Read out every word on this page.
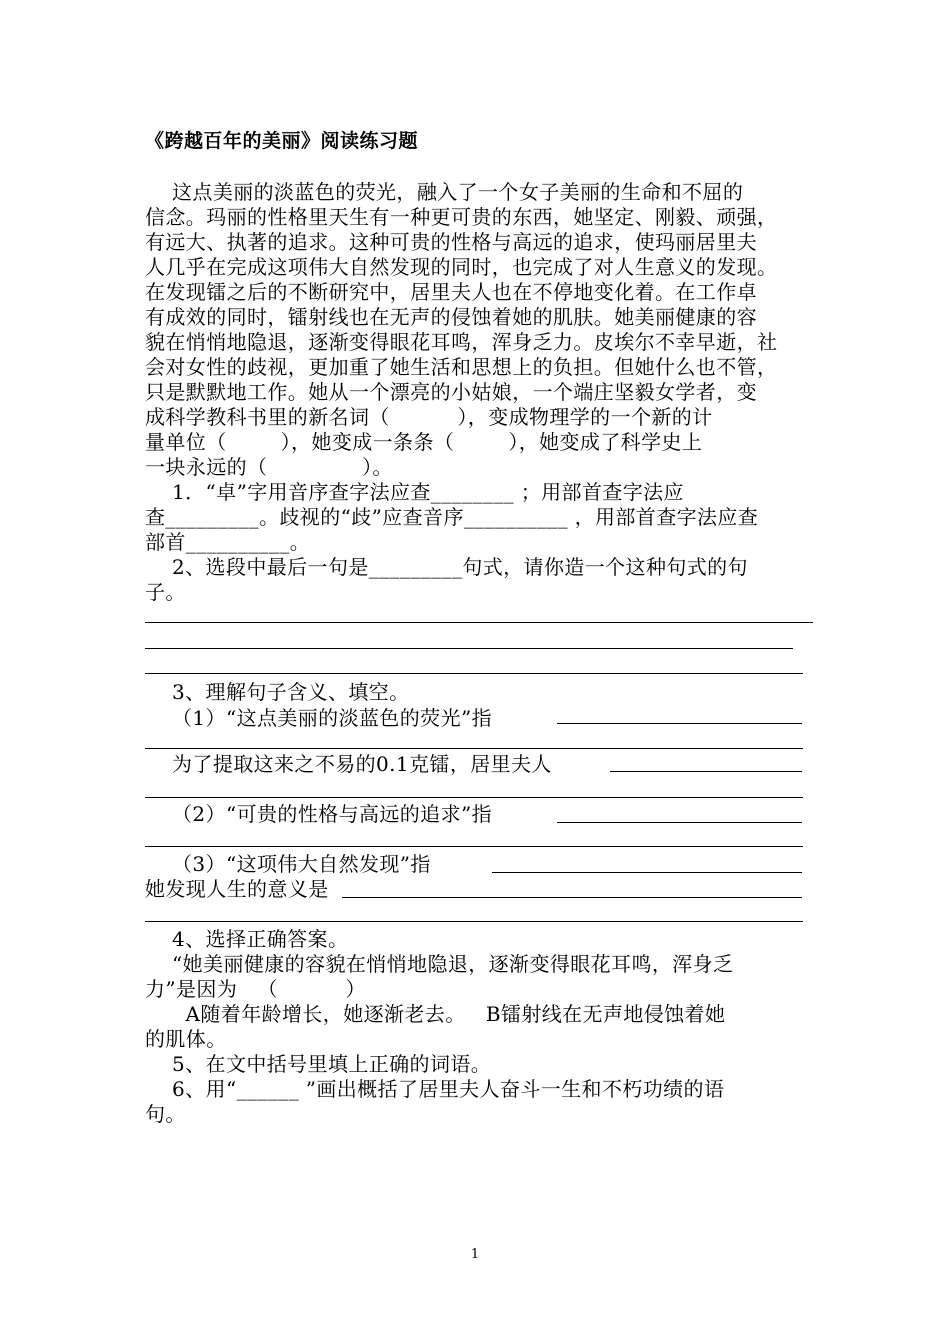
《跨越百年的美丽》阅读练习题
这点美丽的淡蓝色的荧光，融入了一个女子美丽的生命和不屈的
信念。玛丽的性格里天生有一种更可贵的东西，她坚定、刚毅、顽强，
有远大、执著的追求。这种可贵的性格与高远的追求，使玛丽居里夫
人几乎在完成这项伟大自然发现的同时，也完成了对人生意义的发现。
在发现镭之后的不断研究中，居里夫人也在不停地变化着。在工作卓
有成效的同时，镭射线也在无声的侵蚀着她的肌肤。她美丽健康的容
貌在悄悄地隐退，逐渐变得眼花耳鸣，浑身乏力。皮埃尔不幸早逝，社
会对女性的歧视，更加重了她生活和思想上的负担。但她什么也不管，
只是默默地工作。她从一个漂亮的小姑娘，一个端庄坚毅女学者，变
成科学教科书里的新名词（          ），变成物理学的一个新的计
量单位（        ），她变成一条条（        ），她变成了科学史上
一块永远的（              ）。
1．“卓”字用音序查字法应查________ ；用部首查字法应
查_________。歧视的“歧”应查音序__________ ，用部首查字法应查
部首__________。
2、选段中最后一句是_________句式，请你造一个这种句式的句
子。
3、理解句子含义、填空。
（1）“这点美丽的淡蓝色的荧光”指
为了提取这来之不易的0.1克镭，居里夫人
（2）“可贵的性格与高远的追求”指
（3）“这项伟大自然发现”指
她发现人生的意义是
4、选择正确答案。
“她美丽健康的容貌在悄悄地隐退，逐渐变得眼花耳鸣，浑身乏
力”是因为   （          ）
A随着年龄增长，她逐渐老去。   B镭射线在无声地侵蚀着她
的肌体。
5、在文中括号里填上正确的词语。
6、用“______ ”画出概括了居里夫人奋斗一生和不朽功绩的语
句。
1
